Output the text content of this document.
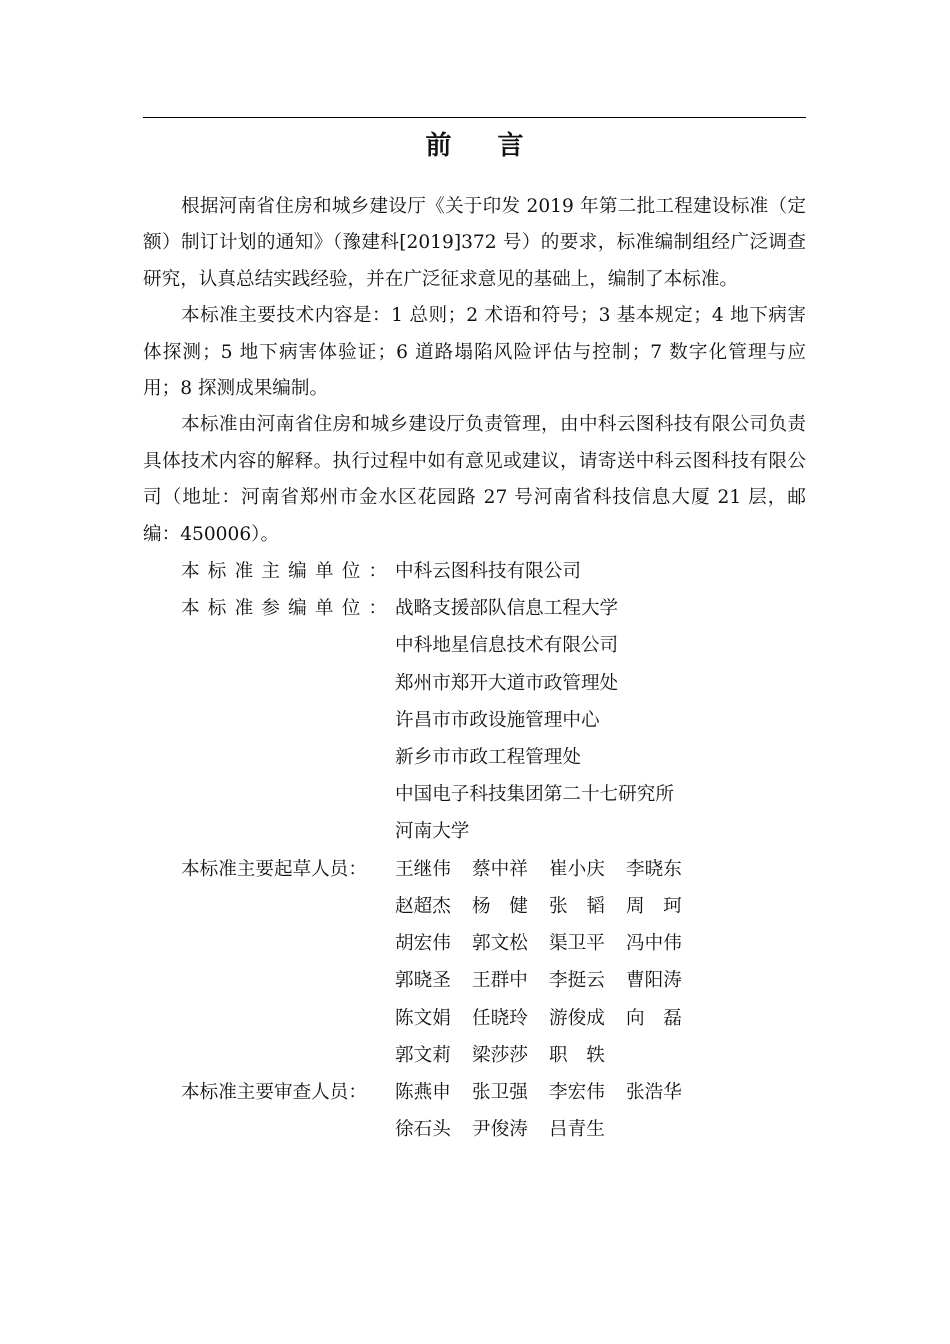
前 言

根据河南省住房和城乡建设厅《关于印发 2019 年第二批工程建设标准（定额）制订计划的通知》（豫建科[2019]372 号）的要求，标准编制组经广泛调查研究，认真总结实践经验，并在广泛征求意见的基础上，编制了本标准。

本标准主要技术内容是：1 总则；2 术语和符号；3 基本规定；4 地下病害体探测；5 地下病害体验证；6 道路塌陷风险评估与控制；7 数字化管理与应用；8 探测成果编制。

本标准由河南省住房和城乡建设厅负责管理，由中科云图科技有限公司负责具体技术内容的解释。执行过程中如有意见或建议，请寄送中科云图科技有限公司（地址：河南省郑州市金水区花园路 27 号河南省科技信息大厦 21 层，邮编：450006）。

本标准主编单位： 中科云图科技有限公司
本标准参编单位： 战略支援部队信息工程大学
中科地星信息技术有限公司
郑州市郑开大道市政管理处
许昌市市政设施管理中心
新乡市市政工程管理处
中国电子科技集团第二十七研究所
河南大学
本标准主要起草人员：	王继伟	蔡中祥	崔小庆	李晓东
赵超杰	杨　健	张　韬	周　珂
胡宏伟	郭文松	渠卫平	冯中伟
郭晓圣	王群中	李挺云	曹阳涛
陈文娟	任晓玲	游俊成	向　磊
郭文莉	梁莎莎	职　轶
本标准主要审查人员：	陈燕申	张卫强	李宏伟	张浩华
徐石头	尹俊涛	吕青生
